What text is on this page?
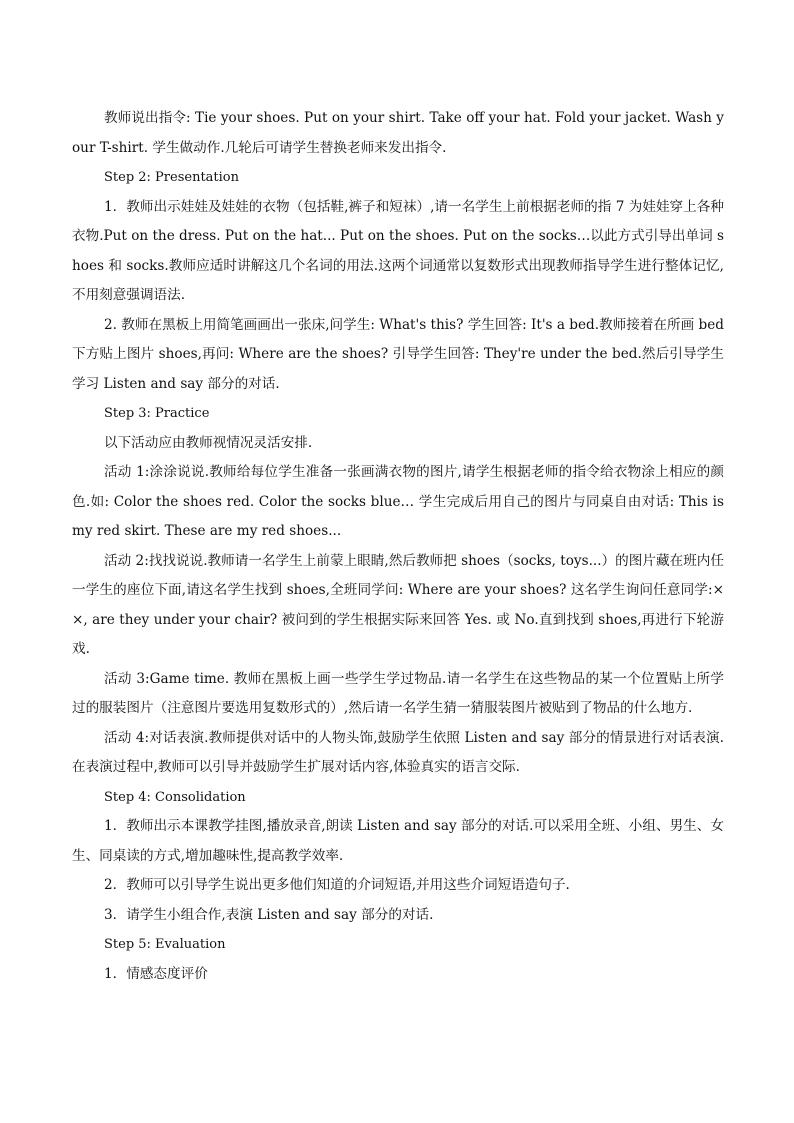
教师说出指令: Tie your shoes. Put on your shirt. Take off your hat. Fold your jacket. Wash your T-shirt. 学生做动作.几轮后可请学生替换老师来发出指令.

Step 2: Presentation

1．教师出示娃娃及娃娃的衣物（包括鞋,裤子和短袜）,请一名学生上前根据老师的指 7 为娃娃穿上各种衣物.Put on the dress. Put on the hat... Put on the shoes. Put on the socks…以此方式引导出单词 shoes 和 socks.教师应适时讲解这几个名词的用法.这两个词通常以复数形式出现教师指导学生进行整体记忆,不用刻意强调语法.

2. 教师在黑板上用简笔画画出一张床,问学生: What's this? 学生回答: It's a bed.教师接着在所画 bed 下方贴上图片 shoes,再问: Where are the shoes? 引导学生回答: They're under the bed.然后引导学生学习 Listen and say 部分的对话.

Step 3: Practice

以下活动应由教师视情况灵活安排.

活动 1:涂涂说说.教师给每位学生准备一张画满衣物的图片,请学生根据老师的指令给衣物涂上相应的颜色.如: Color the shoes red. Color the socks blue… 学生完成后用自己的图片与同桌自由对话: This is my red skirt. These are my red shoes...

活动 2:找找说说.教师请一名学生上前蒙上眼睛,然后教师把 shoes（socks, toys...）的图片藏在班内任一学生的座位下面,请这名学生找到 shoes,全班同学问: Where are your shoes? 这名学生询问任意同学:××, are they under your chair? 被问到的学生根据实际来回答 Yes. 或 No.直到找到 shoes,再进行下轮游戏.

活动 3:Game time. 教师在黑板上画一些学生学过物品.请一名学生在这些物品的某一个位置贴上所学过的服装图片（注意图片要选用复数形式的）,然后请一名学生猜一猜服装图片被贴到了物品的什么地方.

活动 4:对话表演.教师提供对话中的人物头饰,鼓励学生依照 Listen and say 部分的情景进行对话表演.在表演过程中,教师可以引导并鼓励学生扩展对话内容,体验真实的语言交际.

Step 4: Consolidation

1．教师出示本课教学挂图,播放录音,朗读 Listen and say 部分的对话.可以采用全班、小组、男生、女生、同桌读的方式,增加趣味性,提高教学效率.

2．教师可以引导学生说出更多他们知道的介词短语,并用这些介词短语造句子.

3．请学生小组合作,表演 Listen and say 部分的对话.

Step 5: Evaluation

1．情感态度评价
